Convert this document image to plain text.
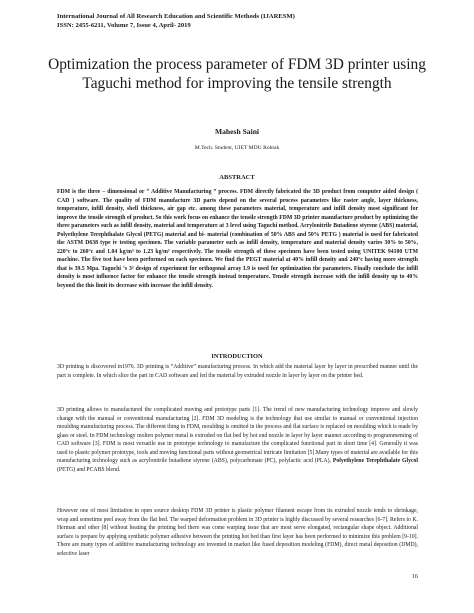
International Journal of All Research Education and Scientific Methods (IJARESM)
ISSN: 2455-6211, Volume 7, Issue 4, April- 2019
Optimization the process parameter of FDM 3D printer using Taguchi method for improving the tensile strength
Mahesh Saini
M.Tech. Student, UIET MDU Rohtak
ABSTRACT

FDM is the three – dimensional or “ Additive Manufacturing ” process. FDM directly fabricated the 3D product from computer aided design ( CAD ) software. The quality of FDM manufacture 3D parts depend on the several process parameters like raster angle, layer thickness, temperature, infill density, shell thickness, air gap etc. among these parameters material, temperature and infill density most significant for improve the tensile strength of product. So this work focus on enhance the tensile strength FDM 3D printer manufacture product by optimizing the three parameters such as infill density, material and temperature at 3 level using Taguchi method. Acrylonitrile Butadiene styrene (ABS) material, Polyethylene Terephthalate Glycol (PETG) material and bi- material (combination of 50% ABS and 50% PETG ) material is used for fabricated the ASTM D638 type iv testing specimen. The variable parameter such as infill density, temperature and material density varies 30% to 50%, 220°c to 260°c and 1.04 kg/m³ to 1.23 kg/m³ respectively. The tensile strength of these specimen have been tested using UNITEK 94100 UTM machine. The five test have been performed on each specimen. We find the PEGT material at 40% infill density and 240°c having more strength that is 39.5 Mpa. Taguchi ‘s 3³ design of experiment for orthogonal array L9 is used for optimization the parameters. Finally conclude the infill density is most influence factor for enhance the tensile strength instead temperature. Tensile strength increase with the infill density up to 40% beyond the this limit its decrease with increase the infill density.

INTRODUCTION

3D printing is discovered in1976. 3D printing is “Additive” manufacturing process. In which add the material layer by layer in prescribed manner until the part is complete. In which slice the part in CAD software and fed the material by extruded nozzle in layer by layer on the printer bed.

3D printing allows to manufactured the complicated moving and prototype parts [1]. The trend of new manufacturing technology improve and slowly change with the manual or conventional manufacturing [2]. FDM 3D modeling is the technology that use similar to manual or conventional injection moulding manufacturing process. The different thing in FDM, moulding is omitted in the process and flat surface is replaced on moulding which is made by glass or steel. In FDM technology molten polymer metal is extruded on flat bed by hot end nozzle in layer by layer manner according to programmeming of CAD software [3]. FDM is most versatile use in prototype technology to manufacture the complicated functional part in short time [4]. Generally it was used to plastic polymer prototype, tools and moving functional parts without geometrical intricate limitation [5].Many types of material are available for this manufacturing technology such as acrylonitrile butadiene styrene (ABS), polycarbonate (PC), polylactic acid (PLA), Polyethylene Terephthalate Glycol (PETG) and PCABS blend.

However one of most limitation in open source desktop FDM 3D printer is plastic polymer filament escape from its extruded nozzle tends to shrinkage, wrap and sometime peel away from the flat bed. The warped deformation problem in 3D printer is highly discussed by several researches [6-7]. Refers to K. Herman and other [8] without heating the printing bed there was come warping issue that are most serve elongated, rectangular shape object. Additional surface is prepare by applying synthetic polymer adhesive between the printing hot bed than first layer has been performed to minimize this problem [9-10]. There are many types of additive manufacturing technology are invented in market like fused deposition modeling (FDM), direct metal deposition (DMD), selective laser

16
